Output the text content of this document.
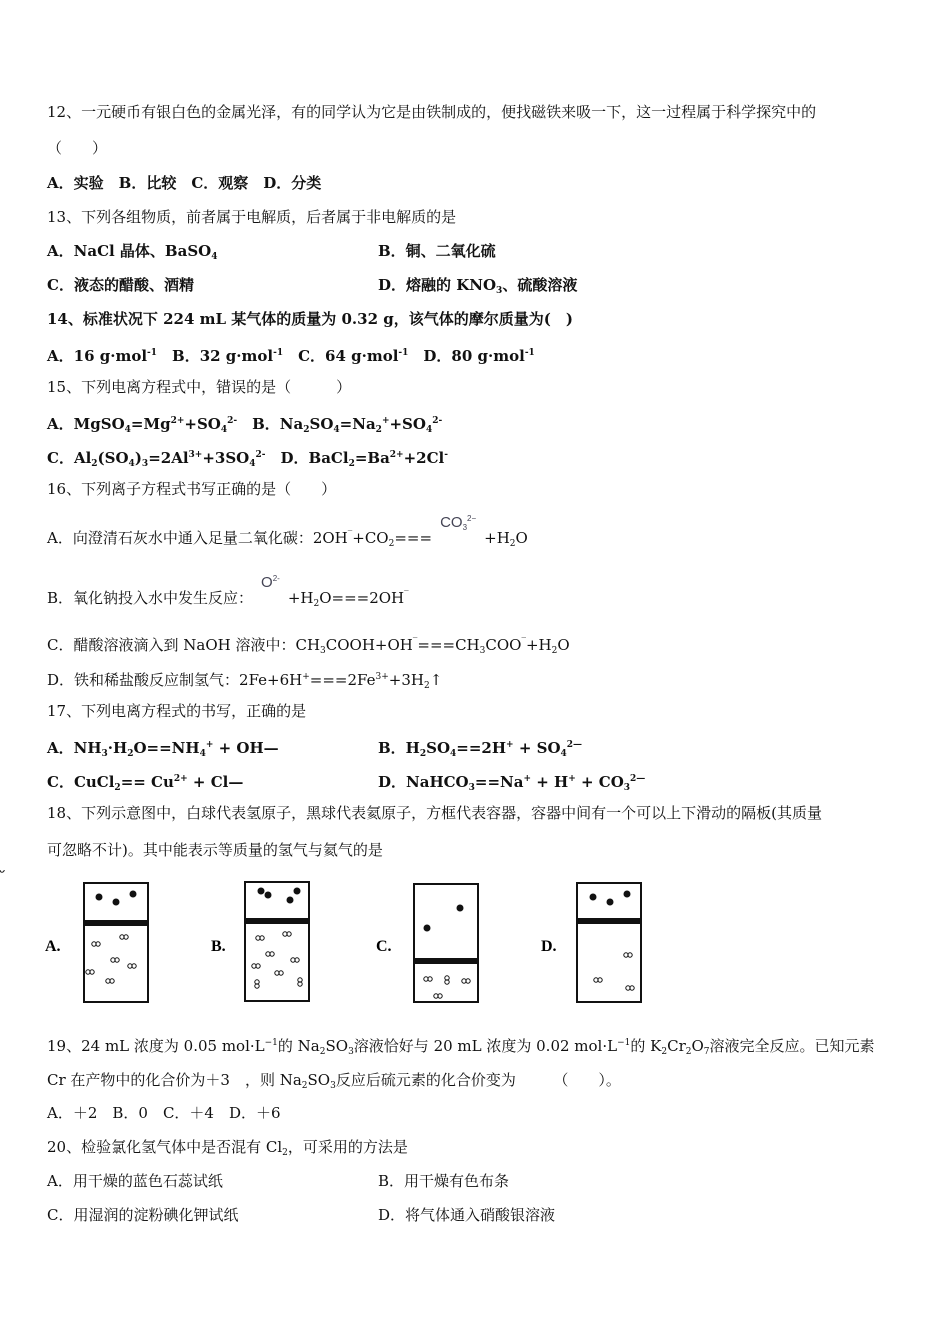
12、一元硬币有银白色的金属光泽，有的同学认为它是由铁制成的，便找磁铁来吸一下，这一过程属于科学探究中的
（　　）
A．实验　B．比较　C．观察　D．分类
13、下列各组物质，前者属于电解质，后者属于非电解质的是
A．NaCl 晶体、BaSO$_4$	B．铜、二氧化硫
C．液态的醋酸、酒精	D．熔融的 $KNO_3$、硫酸溶液
14、标准状况下 224 mL 某气体的质量为 0.32 g，该气体的摩尔质量为(　)
A．16 g·mol$^{-1}$　B．32 g·mol$^{-1}$　C．64 g·mol$^{-1}$　D．80 g·mol$^{-1}$
15、下列电离方程式中，错误的是（　　　）
A．$MgSO_4=Mg^{2+}+SO_4^{2-}$　B．$Na_2SO_4=Na_2^++SO_4^{2-}$
C．$Al_2(SO_4)_3=2Al^{3+}+3SO_4^{2-}$　D．$BaCl_2=Ba^{2+}+2Cl^-$
16、下列离子方程式书写正确的是（　　）
A．向澄清石灰水中通入足量二氧化碳：$2OH^‾+CO_2===CO_3^{2-}+H_2O$
B．氧化钠投入水中发生反应：$O^{2-}+H_2O===2OH^‾$
C．醋酸溶液滴入到 NaOH 溶液中：$CH_3COOH+OH^‾===CH_3COO^‾+H_2O$
D．铁和稀盐酸反应制氢气：$2Fe+6H^+===2Fe^{3+}+3H_2↑$
17、下列电离方程式的书写，正确的是
A．$NH_3\cdot H_2O==NH_4^+$ + OH—	B．$H_2SO_4==2H^+ + SO_4^{2—}$
C．CuCl$_2$== $Cu^{2+}$ + Cl—	D．NaHCO$_3$==Na+ + $H^+ + CO_3^{2—}$
18、下列示意图中，白球代表氢原子，黑球代表氦原子，方框代表容器，容器中间有一个可以上下滑动的隔板(其质量
可忽略不计)。其中能表示等质量的氢气与氦气的是
A.	B.	C.	D.
19、24 mL 浓度为 0.05 $mol\cdot L^{-1}$的 $Na_2SO_3$溶液恰好与 20 mL 浓度为 0.02 $mol\cdot L^{-1}$的 $K_2Cr_2O_7$溶液完全反应。已知元素
Cr 在产物中的化合价为＋3　，则 $Na_2SO_3$反应后硫元素的化合价变为　　　（　　）。
A．＋2　B．0　C．＋4　D．＋6
20、检验氯化氢气体中是否混有 $Cl_2$，可采用的方法是
A．用干燥的蓝色石蕊试纸	B．用干燥有色布条
C．用湿润的淀粉碘化钾试纸	D．将气体通入硝酸银溶液
